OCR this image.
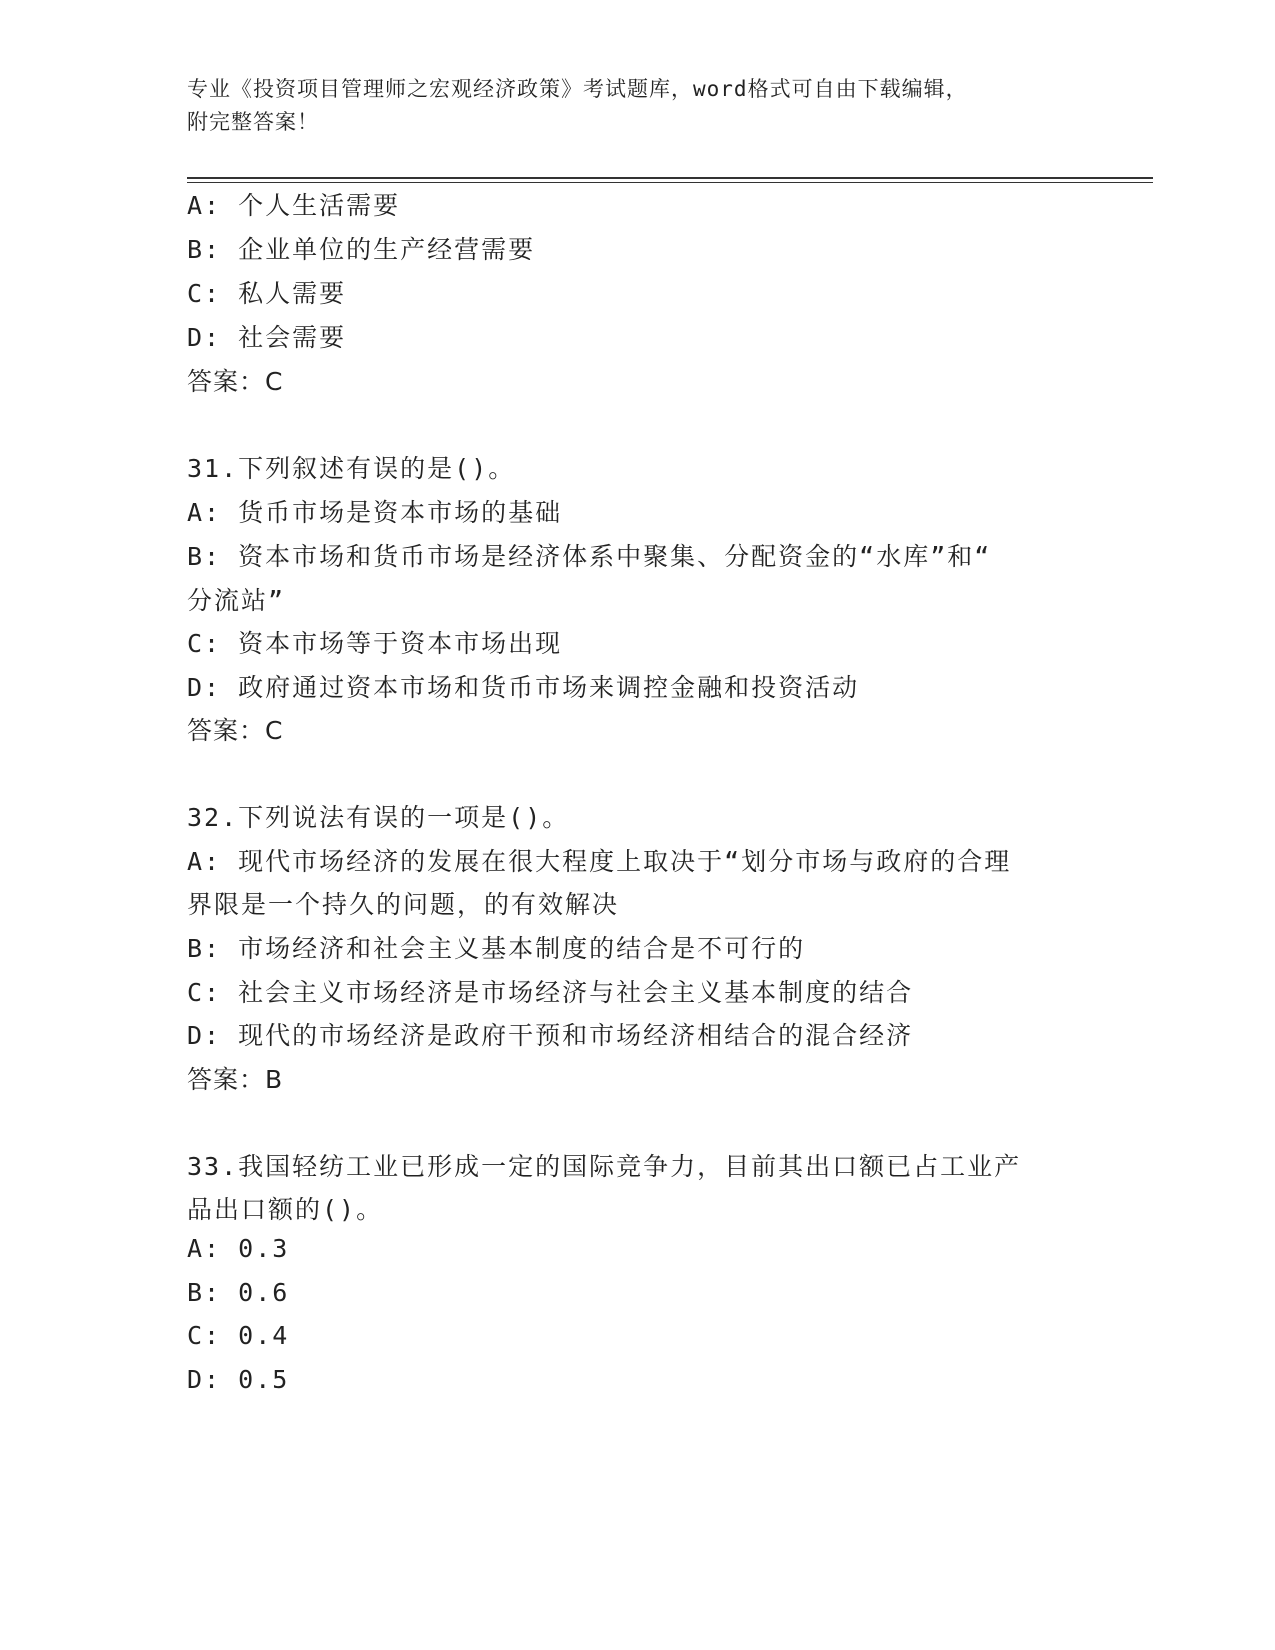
专业《投资项目管理师之宏观经济政策》考试题库，word格式可自由下载编辑，
附完整答案！
A: 个人生活需要
B: 企业单位的生产经营需要
C: 私人需要
D: 社会需要
答案：C
31.下列叙述有误的是()。
A: 货币市场是资本市场的基础
B: 资本市场和货币市场是经济体系中聚集、分配资金的“水库”和“
分流站”
C: 资本市场等于资本市场出现
D: 政府通过资本市场和货币市场来调控金融和投资活动
答案：C
32.下列说法有误的一项是()。
A: 现代市场经济的发展在很大程度上取决于“划分市场与政府的合理
界限是一个持久的问题，的有效解决
B: 市场经济和社会主义基本制度的结合是不可行的
C: 社会主义市场经济是市场经济与社会主义基本制度的结合
D: 现代的市场经济是政府干预和市场经济相结合的混合经济
答案：B
33.我国轻纺工业已形成一定的国际竞争力，目前其出口额已占工业产
品出口额的()。
A: 0.3
B: 0.6
C: 0.4
D: 0.5
